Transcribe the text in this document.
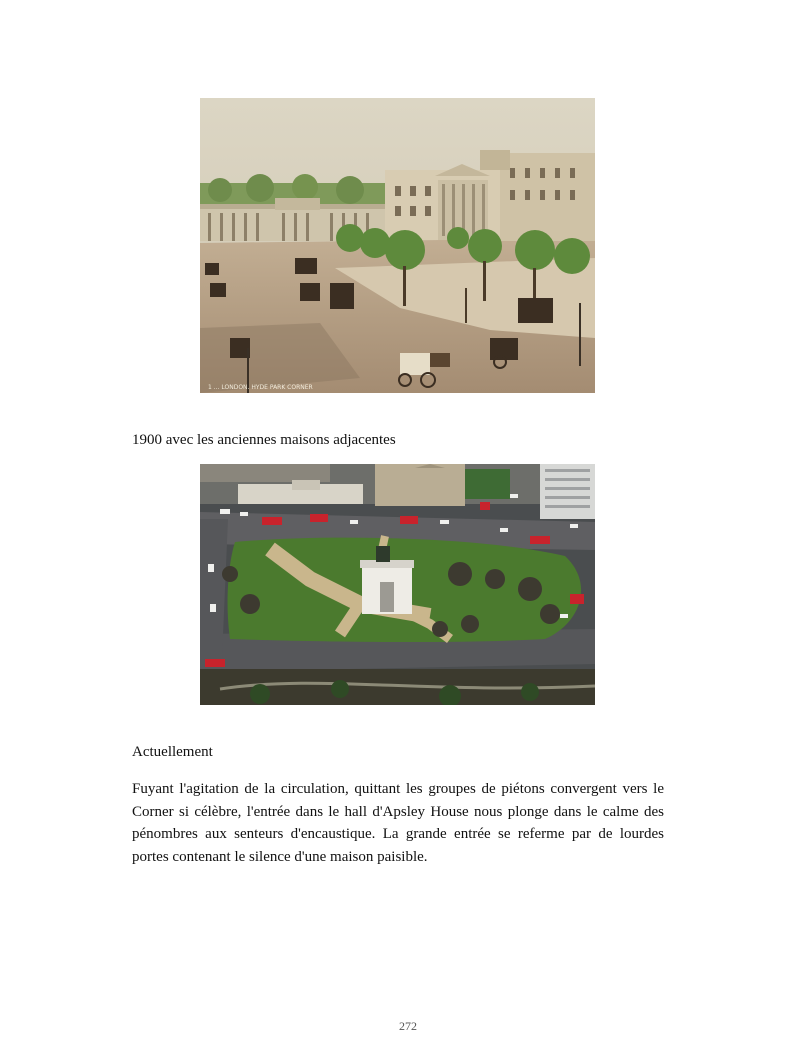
1 ... LONDON. HYDE PARK CORNER
1900 avec les anciennes maisons adjacentes
Actuellement

Fuyant l'agitation de la circulation, quittant les groupes de piétons convergent vers le Corner si célèbre, l'entrée dans le hall d'Apsley House nous plonge dans le calme des pénombres aux senteurs d'encaustique. La grande entrée se referme par de lourdes portes contenant le silence d'une maison paisible.

272
